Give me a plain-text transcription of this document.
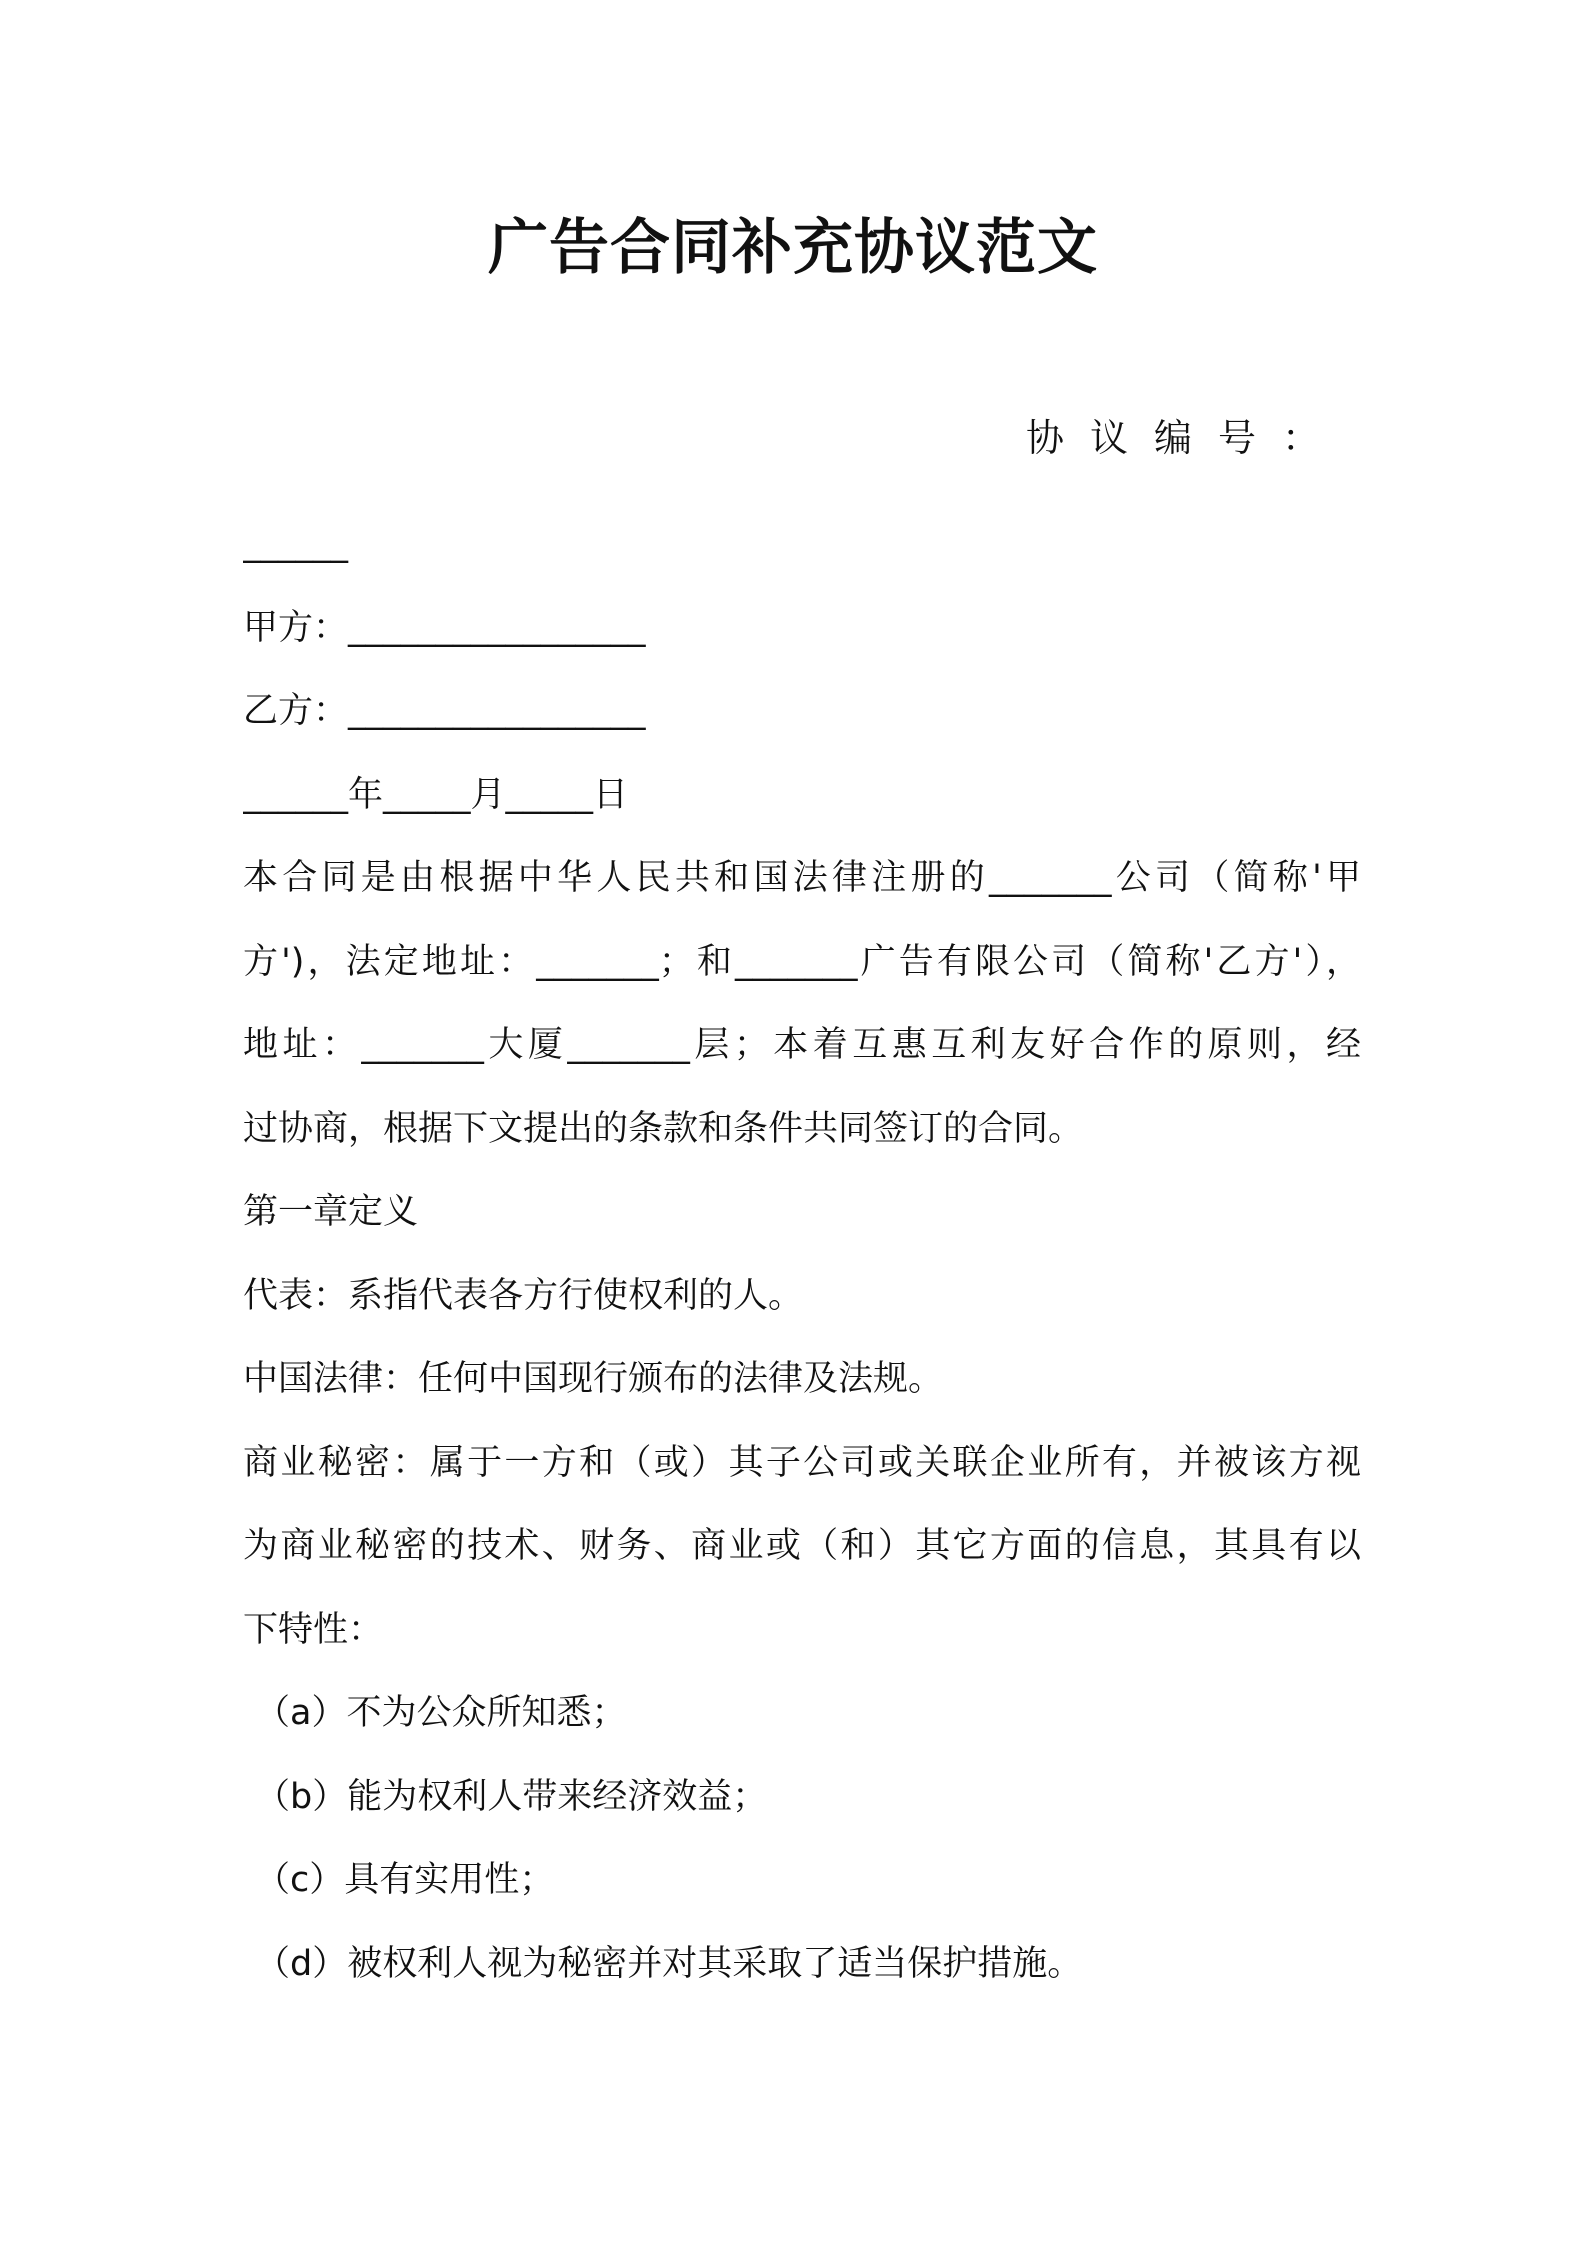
广告合同补充协议范文
协议编号：
______
甲方：_________________
乙方：_________________
______年_____月_____日
本合同是由根据中华人民共和国法律注册的_______公司（简称'甲
方')，法定地址：_______；和_______广告有限公司（简称'乙方'），
地址：_______大厦_______层；本着互惠互利友好合作的原则，经
过协商，根据下文提出的条款和条件共同签订的合同。
第一章定义
代表：系指代表各方行使权利的人。
中国法律：任何中国现行颁布的法律及法规。
商业秘密：属于一方和（或）其子公司或关联企业所有，并被该方视
为商业秘密的技术、财务、商业或（和）其它方面的信息，其具有以
下特性：
（a）不为公众所知悉；
（b）能为权利人带来经济效益；
（c）具有实用性；
（d）被权利人视为秘密并对其采取了适当保护措施。
